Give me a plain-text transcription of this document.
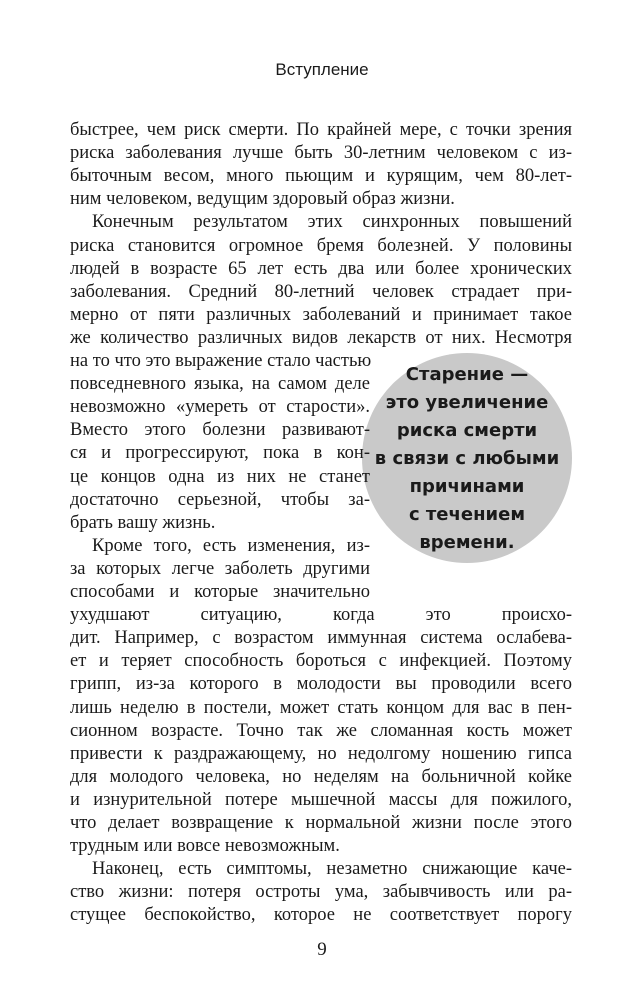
Вступление
Старение —
это увеличение
риска смерти
в связи с любыми
причинами
с течением
времени.

быстрее, чем риск смерти. По крайней мере, с точки зрения

риска заболевания лучше быть 30-летним человеком с из-

быточным весом, много пьющим и курящим, чем 80-лет-

ним человеком, ведущим здоровый образ жизни.

Конечным результатом этих синхронных повышений

риска становится огромное бремя болезней. У половины

людей в возрасте 65 лет есть два или более хронических

заболевания. Средний 80-летний человек страдает при-

мерно от пяти различных заболеваний и принимает такое

же количество различных видов лекарств от них. Несмотря

на то что это выражение стало частью

повседневного языка, на самом деле

невозможно «умереть от старости».

Вместо этого болезни развивают-

ся и прогрессируют, пока в кон-

це концов одна из них не станет

достаточно серьезной, чтобы за-

брать вашу жизнь.

Кроме того, есть изменения, из-

за которых легче заболеть другими

способами и которые значительно

ухудшают ситуацию, когда это происхо-

дит. Например, с возрастом иммунная система ослабева-

ет и теряет способность бороться с инфекцией. Поэтому

грипп, из-за которого в молодости вы проводили всего

лишь неделю в постели, может стать концом для вас в пен-

сионном возрасте. Точно так же сломанная кость может

привести к раздражающему, но недолгому ношению гипса

для молодого человека, но неделям на больничной койке

и изнурительной потере мышечной массы для пожилого,

что делает возвращение к нормальной жизни после этого

трудным или вовсе невозможным.

Наконец, есть симптомы, незаметно снижающие каче-

ство жизни: потеря остроты ума, забывчивость или ра-

стущее беспокойство, которое не соответствует порогу

9
